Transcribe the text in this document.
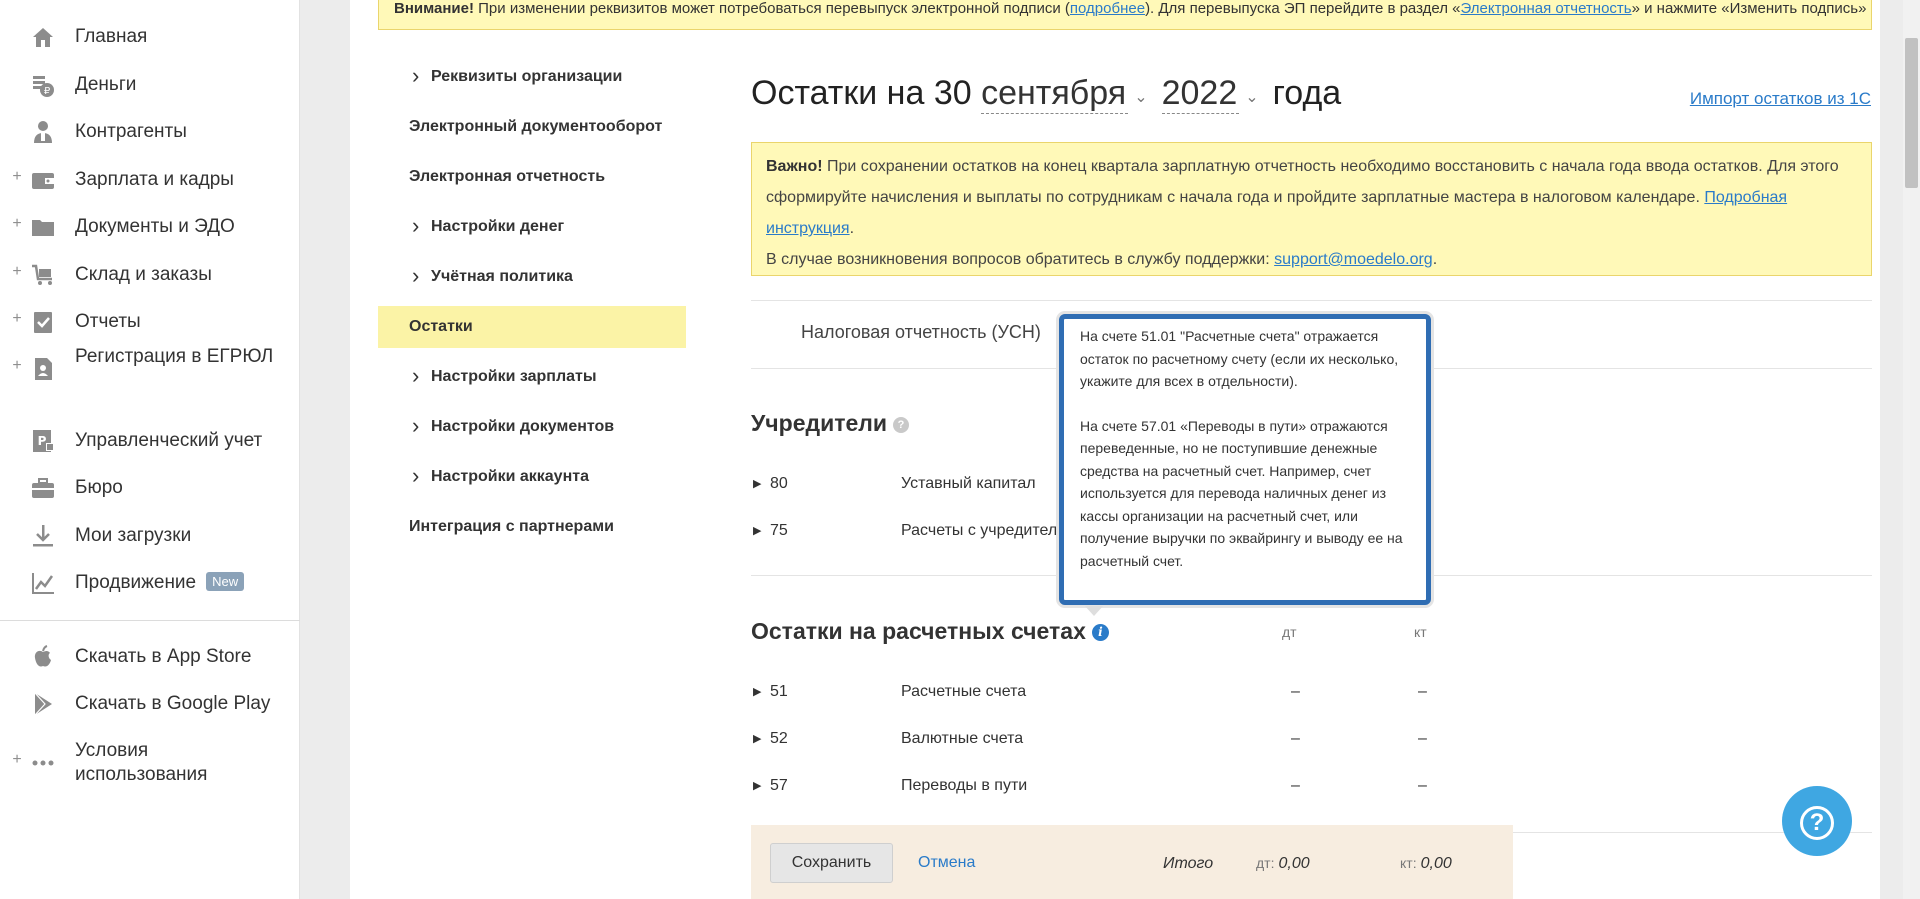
Главная
₽ Деньги
Контрагенты
+	Зарплата и кадры
+	Документы и ЭДО
+	Склад и заказы
+	Отчеты
+	Регистрация в ЕГРЮЛ
P Управленческий учет
Бюро
Мои загрузки
Продвижение New
Скачать в App Store
Скачать в Google Play
+	Условия использования
Внимание! При изменении реквизитов может потребоваться перевыпуск электронной подписи (подробнее). Для перевыпуска ЭП перейдите в раздел «Электронная отчетность» и нажмите «Изменить подпись»
› Реквизиты организации
Электронный документооборот
Электронная отчетность
› Настройки денег
› Учётная политика
Остатки
› Настройки зарплаты
› Настройки документов
› Настройки аккаунта
Интеграция с партнерами
Остатки на 30 сентября ⌄ 2022 ⌄ года	Импорт остатков из 1С
Важно! При сохранении остатков на конец квартала зарплатную отчетность необходимо восстановить с начала года ввода остатков. Для этого сформируйте начисления и выплаты по сотрудникам с начала года и пройдите зарплатные мастера в налоговом календаре. Подробная инструкция.
В случае возникновения вопросов обратитесь в службу поддержки: support@moedelo.org.
Налоговая отчетность (УСН)
Учредители ?
▶ 80	Уставный капитал
▶ 75	Расчеты с учредител
Остатки на расчетных счетах i	дт	кт
▶ 51	Расчетные счета	–	–
▶ 52	Валютные счета	–	–
▶ 57	Переводы в пути	–	–

На счете 51.01 "Расчетные счета" отражается остаток по расчетному счету (если их несколько, укажите для всех в отдельности).

На счете 57.01 «Переводы в пути» отражаются переведенные, но не поступившие денежные средства на расчетный счет. Например, счет используется для перевода наличных денег из кассы организации на расчетный счет, или получение выручки по эквайрингу и выводу ее на расчетный счет.

Сохранить	Отмена	Итого	дт: 0,00	кт: 0,00
?
